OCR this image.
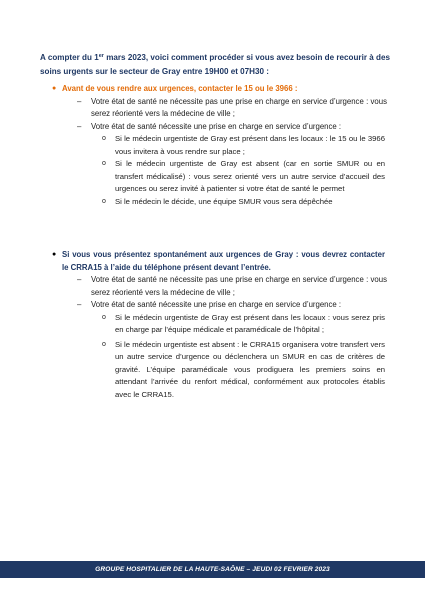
A compter du 1er mars 2023, voici comment procéder si vous avez besoin de recourir à des soins urgents sur le secteur de Gray entre 19H00 et 07H30 :

● Avant de vous rendre aux urgences, contacter le 15 ou le 3966 :
– Votre état de santé ne nécessite pas une prise en charge en service d’urgence : vous serez réorienté vers la médecine de ville ;
– Votre état de santé nécessite une prise en charge en service d’urgence :
o Si le médecin urgentiste de Gray est présent dans les locaux : le 15 ou le 3966 vous invitera à vous rendre sur place ;
o Si le médecin urgentiste de Gray est absent (car en sortie SMUR ou en transfert médicalisé) : vous serez orienté vers un autre service d’accueil des urgences ou serez invité à patienter si votre état de santé le permet
o Si le médecin le décide, une équipe SMUR vous sera dépêchée
● Si vous vous présentez spontanément aux urgences de Gray : vous devrez contacter le CRRA15 à l’aide du téléphone présent devant l’entrée.
– Votre état de santé ne nécessite pas une prise en charge en service d’urgence : vous serez réorienté vers la médecine de ville ;
– Votre état de santé nécessite une prise en charge en service d’urgence :
o Si le médecin urgentiste de Gray est présent dans les locaux : vous serez pris en charge par l’équipe médicale et paramédicale de l’hôpital ;
o Si le médecin urgentiste est absent : le CRRA15 organisera votre transfert vers un autre service d’urgence ou déclenchera un SMUR en cas de critères de gravité. L’équipe paramédicale vous prodiguera les premiers soins en attendant l’arrivée du renfort médical, conformément aux protocoles établis avec le CRRA15.
GROUPE HOSPITALIER DE LA HAUTE-SAÔNE – JEUDI 02 FEVRIER 2023
